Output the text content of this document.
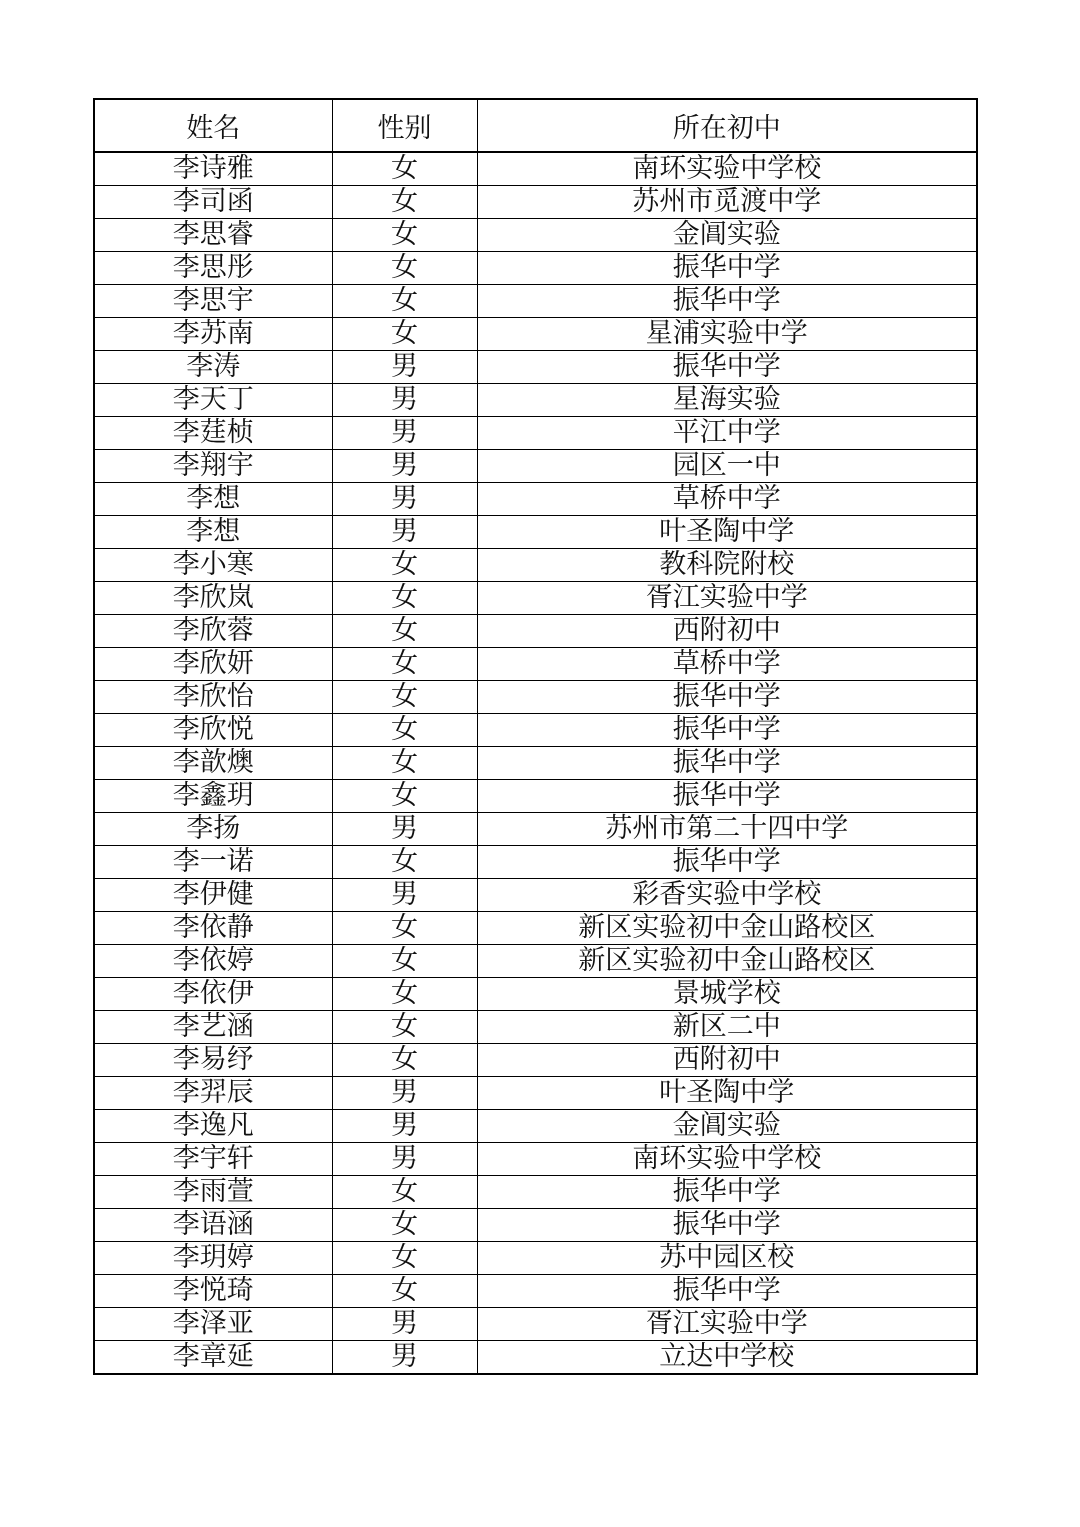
姓名	性别	所在初中
李诗雅	女	南环实验中学校
李司函	女	苏州市觅渡中学
李思睿	女	金阊实验
李思彤	女	振华中学
李思宇	女	振华中学
李苏南	女	星浦实验中学
李涛	男	振华中学
李天丁	男	星海实验
李莛桢	男	平江中学
李翔宇	男	园区一中
李想	男	草桥中学
李想	男	叶圣陶中学
李小寒	女	教科院附校
李欣岚	女	胥江实验中学
李欣蓉	女	西附初中
李欣妍	女	草桥中学
李欣怡	女	振华中学
李欣悦	女	振华中学
李歆燠	女	振华中学
李鑫玥	女	振华中学
李扬	男	苏州市第二十四中学
李一诺	女	振华中学
李伊健	男	彩香实验中学校
李依静	女	新区实验初中金山路校区
李依婷	女	新区实验初中金山路校区
李依伊	女	景城学校
李艺涵	女	新区二中
李易纾	女	西附初中
李羿辰	男	叶圣陶中学
李逸凡	男	金阊实验
李宇轩	男	南环实验中学校
李雨萱	女	振华中学
李语涵	女	振华中学
李玥婷	女	苏中园区校
李悦琦	女	振华中学
李泽亚	男	胥江实验中学
李章延	男	立达中学校
